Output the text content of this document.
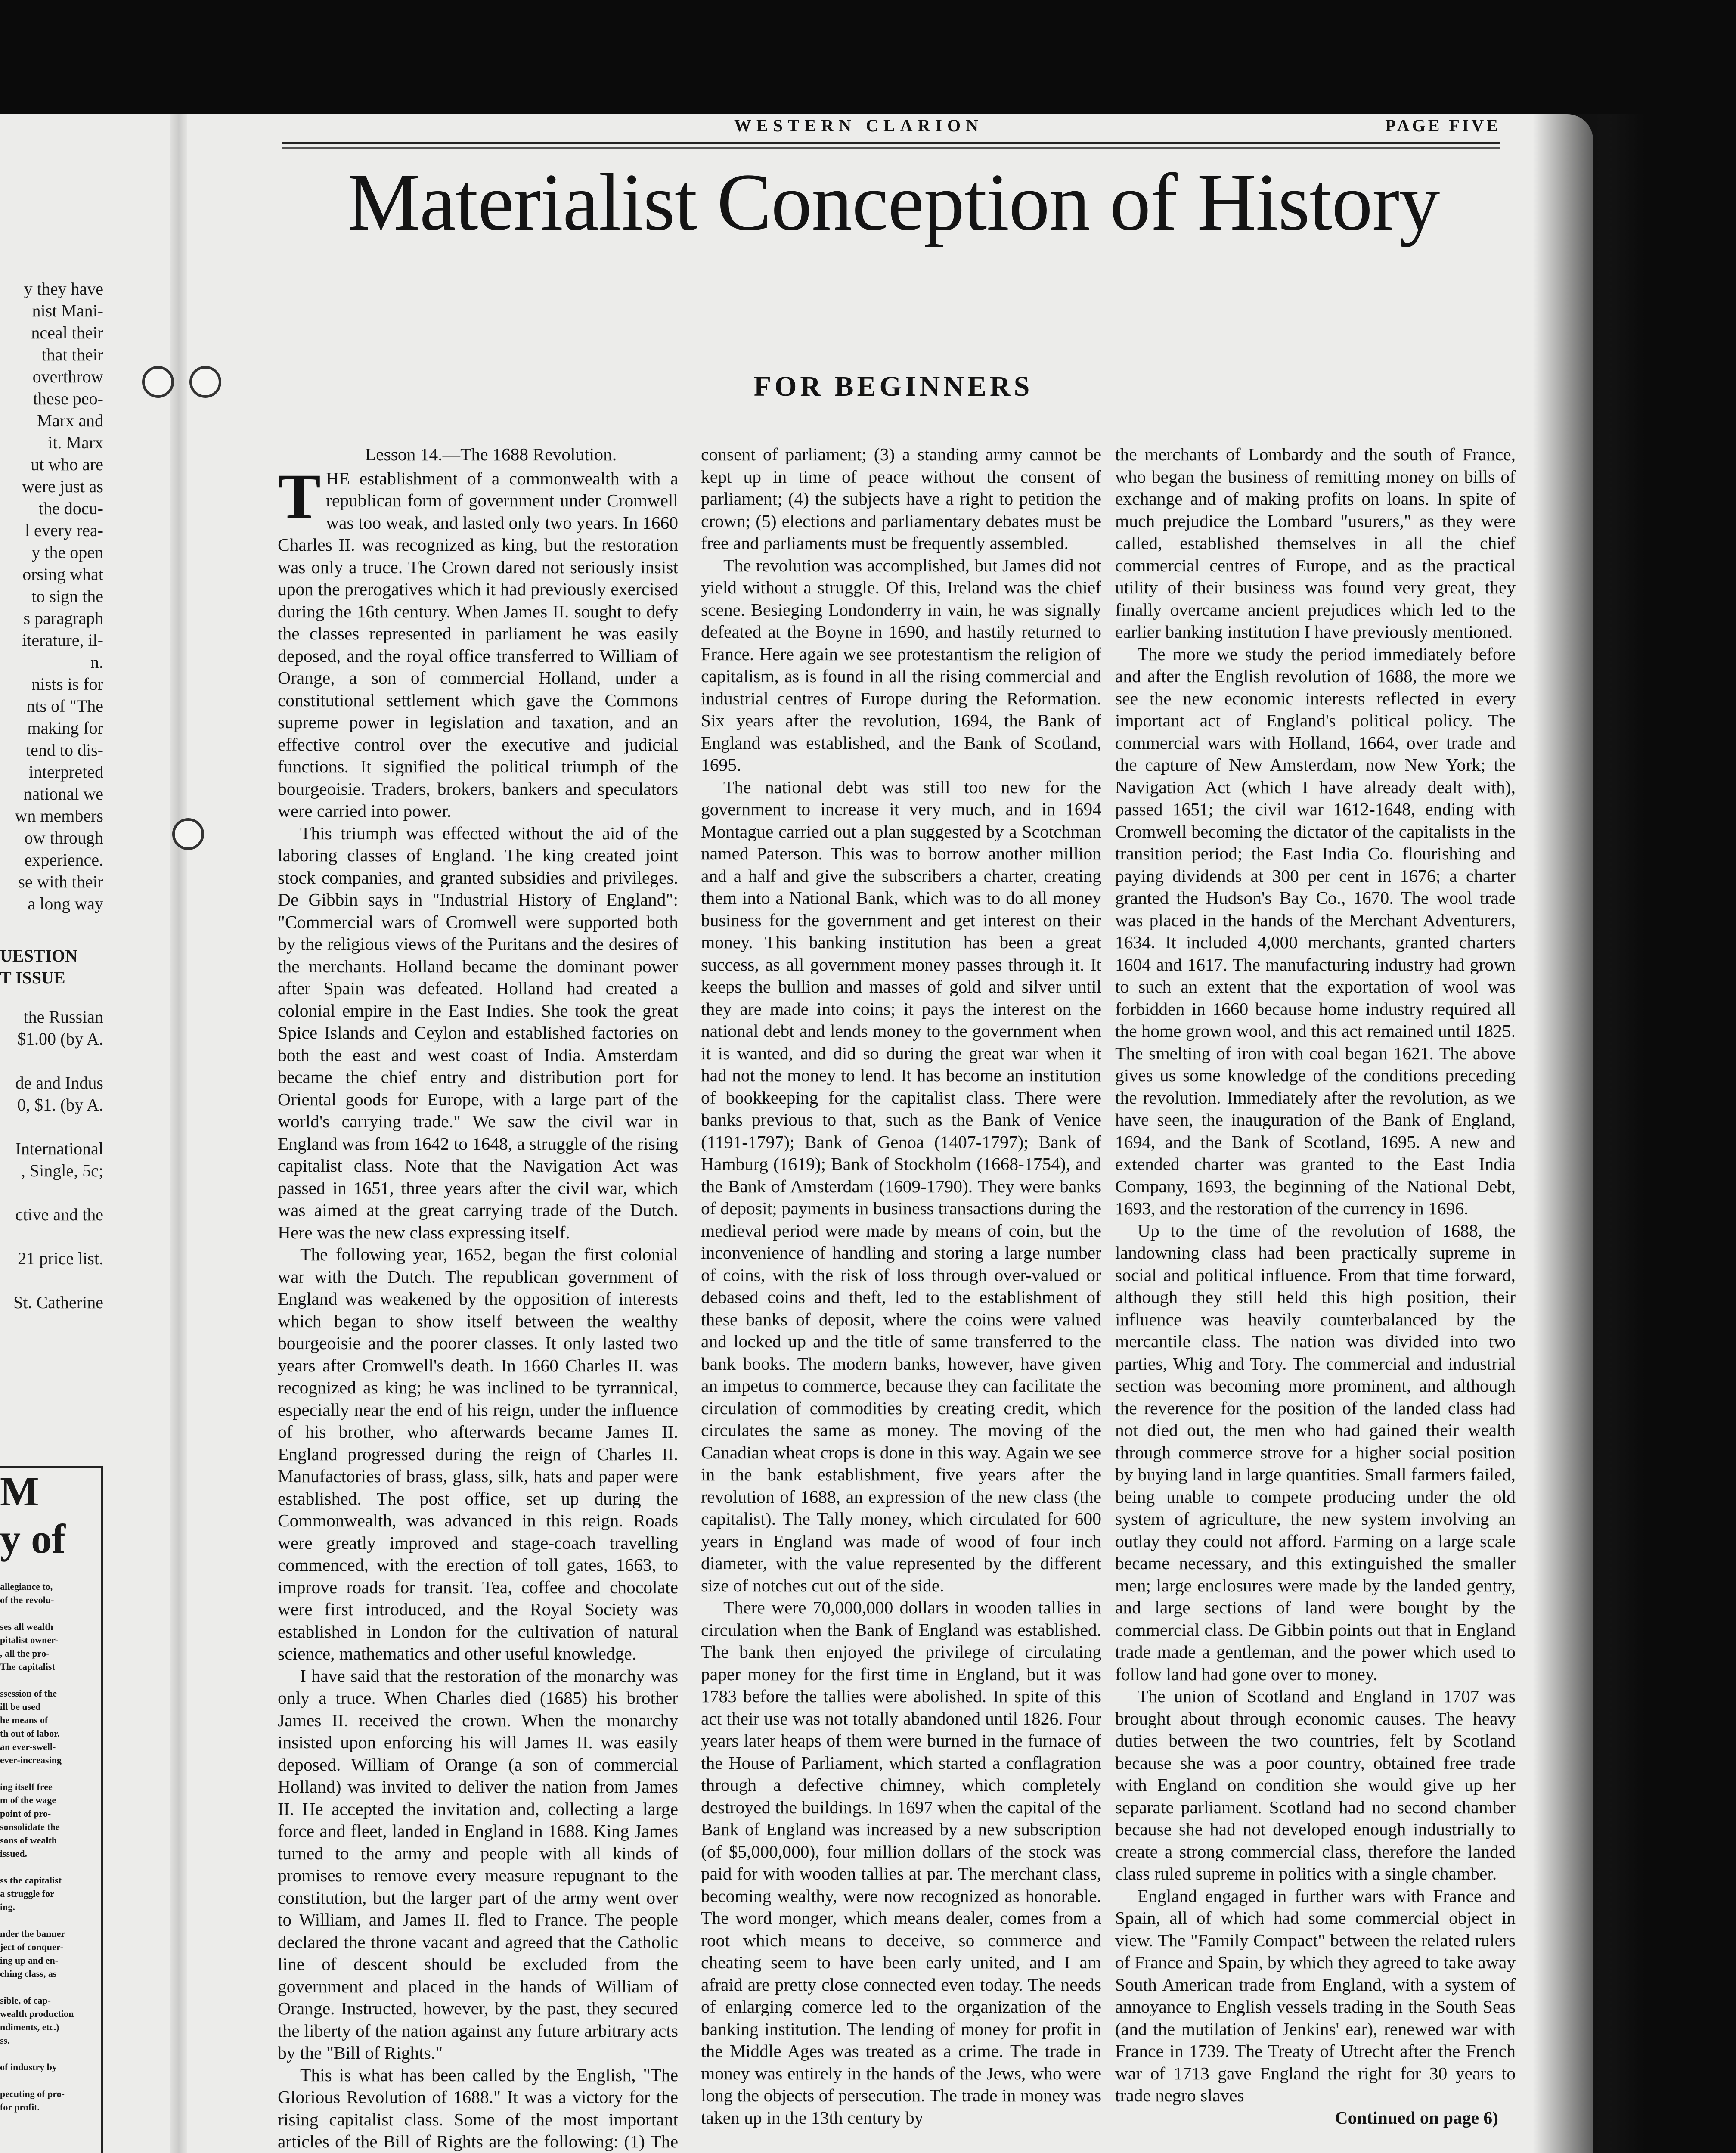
y they have
nist Mani-
nceal their
that their
overthrow
these peo-
Marx and
it. Marx
ut who are
were just as
the docu-
l every rea-
y the open
orsing what
to sign the
s paragraph
iterature, il-
n.
nists is for
nts of "The
making for
tend to dis-
interpreted
national we
wn members
ow through
experience.
se with their
a long way
UESTION
T ISSUE
the Russian
$1.00 (by A.

de and Indus
0, $1. (by A.

International
, Single, 5c;

ctive and the

21 price list.

St. Catherine
M
y of
allegiance to,
of the revolu-

ses all wealth
pitalist owner-
, all the pro-
The capitalist

ssession of the
ill be used
he means of
th out of labor.
an ever-swell-
ever-increasing

ing itself free
m of the wage
point of pro-
sonsolidate the
sons of wealth
issued.

ss the capitalist
a struggle for
ing.

nder the banner
ject of conquer-
ing up and en-
ching class, as

sible, of cap-
wealth production
ndiments, etc.)
ss.

of industry by

pecuting of pro-
for profit.
WESTERN CLARION	PAGE FIVE
Materialist Conception of History
FOR BEGINNERS
Lesson 14.—The 1688 Revolution.
T HE establishment of a commonwealth with a republican form of government under Cromwell was too weak, and lasted only two years. In 1660 Charles II. was recognized as king, but the restoration was only a truce. The Crown dared not seriously insist upon the prerogatives which it had previously exercised during the 16th century. When James II. sought to defy the classes represented in parliament he was easily deposed, and the royal office transferred to William of Orange, a son of commercial Holland, under a constitutional settlement which gave the Commons supreme power in legislation and taxation, and an effective control over the executive and judicial functions. It signified the political triumph of the bourgeoisie. Traders, brokers, bankers and speculators were carried into power.

This triumph was effected without the aid of the laboring classes of England. The king created joint stock companies, and granted subsidies and privileges. De Gibbin says in "Industrial History of England": "Commercial wars of Cromwell were supported both by the religious views of the Puritans and the desires of the merchants. Holland became the dominant power after Spain was defeated. Holland had created a colonial empire in the East Indies. She took the great Spice Islands and Ceylon and established factories on both the east and west coast of India. Amsterdam became the chief entry and distribution port for Oriental goods for Europe, with a large part of the world's carrying trade." We saw the civil war in England was from 1642 to 1648, a struggle of the rising capitalist class. Note that the Navigation Act was passed in 1651, three years after the civil war, which was aimed at the great carrying trade of the Dutch. Here was the new class expressing itself.

The following year, 1652, began the first colonial war with the Dutch. The republican government of England was weakened by the opposition of interests which began to show itself between the wealthy bourgeoisie and the poorer classes. It only lasted two years after Cromwell's death. In 1660 Charles II. was recognized as king; he was inclined to be tyrrannical, especially near the end of his reign, under the influence of his brother, who afterwards became James II. England progressed during the reign of Charles II. Manufactories of brass, glass, silk, hats and paper were established. The post office, set up during the Commonwealth, was advanced in this reign. Roads were greatly improved and stage-coach travelling commenced, with the erection of toll gates, 1663, to improve roads for transit. Tea, coffee and chocolate were first introduced, and the Royal Society was established in London for the cultivation of natural science, mathematics and other useful knowledge.

I have said that the restoration of the monarchy was only a truce. When Charles died (1685) his brother James II. received the crown. When the monarchy insisted upon enforcing his will James II. was easily deposed. William of Orange (a son of commercial Holland) was invited to deliver the nation from James II. He accepted the invitation and, collecting a large force and fleet, landed in England in 1688. King James turned to the army and people with all kinds of promises to remove every measure repugnant to the constitution, but the larger part of the army went over to William, and James II. fled to France. The people declared the throne vacant and agreed that the Catholic line of descent should be excluded from the government and placed in the hands of William of Orange. Instructed, however, by the past, they secured the liberty of the nation against any future arbitrary acts by the "Bill of Rights."

This is what has been called by the English, "The Glorious Revolution of 1688." It was a victory for the rising capitalist class. Some of the most important articles of the Bill of Rights are the following: (1) The

consent of parliament; (3) a standing army cannot be kept up in time of peace without the consent of parliament; (4) the subjects have a right to petition the crown; (5) elections and parliamentary debates must be free and parliaments must be frequently assembled.

The revolution was accomplished, but James did not yield without a struggle. Of this, Ireland was the chief scene. Besieging Londonderry in vain, he was signally defeated at the Boyne in 1690, and hastily returned to France. Here again we see protestantism the religion of capitalism, as is found in all the rising commercial and industrial centres of Europe during the Reformation. Six years after the revolution, 1694, the Bank of England was established, and the Bank of Scotland, 1695.

The national debt was still too new for the government to increase it very much, and in 1694 Montague carried out a plan suggested by a Scotchman named Paterson. This was to borrow another million and a half and give the subscribers a charter, creating them into a National Bank, which was to do all money business for the government and get interest on their money. This banking institution has been a great success, as all government money passes through it. It keeps the bullion and masses of gold and silver until they are made into coins; it pays the interest on the national debt and lends money to the government when it is wanted, and did so during the great war when it had not the money to lend. It has become an institution of bookkeeping for the capitalist class. There were banks previous to that, such as the Bank of Venice (1191-1797); Bank of Genoa (1407-1797); Bank of Hamburg (1619); Bank of Stockholm (1668-1754), and the Bank of Amsterdam (1609-1790). They were banks of deposit; payments in business transactions during the medieval period were made by means of coin, but the inconvenience of handling and storing a large number of coins, with the risk of loss through over-valued or debased coins and theft, led to the establishment of these banks of deposit, where the coins were valued and locked up and the title of same transferred to the bank books. The modern banks, however, have given an impetus to commerce, because they can facilitate the circulation of commodities by creating credit, which circulates the same as money. The moving of the Canadian wheat crops is done in this way. Again we see in the bank establishment, five years after the revolution of 1688, an expression of the new class (the capitalist). The Tally money, which circulated for 600 years in England was made of wood of four inch diameter, with the value represented by the different size of notches cut out of the side.

There were 70,000,000 dollars in wooden tallies in circulation when the Bank of England was established. The bank then enjoyed the privilege of circulating paper money for the first time in England, but it was 1783 before the tallies were abolished. In spite of this act their use was not totally abandoned until 1826. Four years later heaps of them were burned in the furnace of the House of Parliament, which started a conflagration through a defective chimney, which completely destroyed the buildings. In 1697 when the capital of the Bank of England was increased by a new subscription (of $5,000,000), four million dollars of the stock was paid for with wooden tallies at par. The merchant class, becoming wealthy, were now recognized as honorable. The word monger, which means dealer, comes from a root which means to deceive, so commerce and cheating seem to have been early united, and I am afraid are pretty close connected even today. The needs of enlarging comerce led to the organization of the banking institution. The lending of money for profit in the Middle Ages was treated as a crime. The trade in money was entirely in the hands of the Jews, who were long the objects of persecution. The trade in money was taken up in the 13th century by

the merchants of Lombardy and the south of France, who began the business of remitting money on bills of exchange and of making profits on loans. In spite of much prejudice the Lombard "usurers," as they were called, established themselves in all the chief commercial centres of Europe, and as the practical utility of their business was found very great, they finally overcame ancient prejudices which led to the earlier banking institution I have previously mentioned.

The more we study the period immediately before and after the English revolution of 1688, the more we see the new economic interests reflected in every important act of England's political policy. The commercial wars with Holland, 1664, over trade and the capture of New Amsterdam, now New York; the Navigation Act (which I have already dealt with), passed 1651; the civil war 1612-1648, ending with Cromwell becoming the dictator of the capitalists in the transition period; the East India Co. flourishing and paying dividends at 300 per cent in 1676; a charter granted the Hudson's Bay Co., 1670. The wool trade was placed in the hands of the Merchant Adventurers, 1634. It included 4,000 merchants, granted charters 1604 and 1617. The manufacturing industry had grown to such an extent that the exportation of wool was forbidden in 1660 because home industry required all the home grown wool, and this act remained until 1825. The smelting of iron with coal began 1621. The above gives us some knowledge of the conditions preceding the revolution. Immediately after the revolution, as we have seen, the inauguration of the Bank of England, 1694, and the Bank of Scotland, 1695. A new and extended charter was granted to the East India Company, 1693, the beginning of the National Debt, 1693, and the restoration of the currency in 1696.

Up to the time of the revolution of 1688, the landowning class had been practically supreme in social and political influence. From that time forward, although they still held this high position, their influence was heavily counterbalanced by the mercantile class. The nation was divided into two parties, Whig and Tory. The commercial and industrial section was becoming more prominent, and although the reverence for the position of the landed class had not died out, the men who had gained their wealth through commerce strove for a higher social position by buying land in large quantities. Small farmers failed, being unable to compete producing under the old system of agriculture, the new system involving an outlay they could not afford. Farming on a large scale became necessary, and this extinguished the smaller men; large enclosures were made by the landed gentry, and large sections of land were bought by the commercial class. De Gibbin points out that in England trade made a gentleman, and the power which used to follow land had gone over to money.

The union of Scotland and England in 1707 was brought about through economic causes. The heavy duties between the two countries, felt by Scotland because she was a poor country, obtained free trade with England on condition she would give up her separate parliament. Scotland had no second chamber because she had not developed enough industrially to create a strong commercial class, therefore the landed class ruled supreme in politics with a single chamber.

England engaged in further wars with France and Spain, all of which had some commercial object in view. The "Family Compact" between the related rulers of France and Spain, by which they agreed to take away South American trade from England, with a system of annoyance to English vessels trading in the South Seas (and the mutilation of Jenkins' ear), renewed war with France in 1739. The Treaty of Utrecht after the French war of 1713 gave England the right for 30 years to trade negro slaves

Continued on page 6)
